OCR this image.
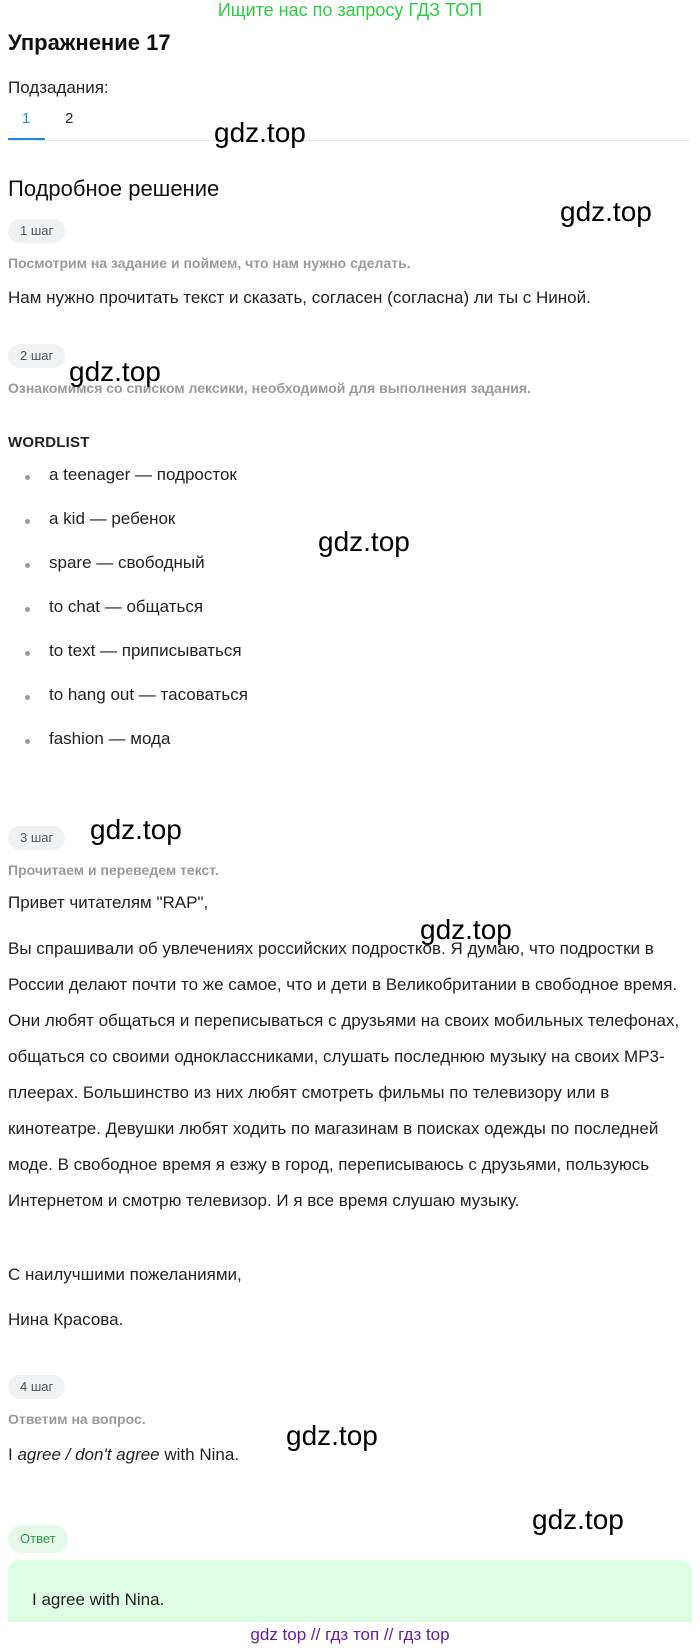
Ищите нас по запросу ГДЗ ТОП
Упражнение 17
Подзадания:
1 2
Подробное решение
1 шаг
Посмотрим на задание и поймем, что нам нужно сделать.
Нам нужно прочитать текст и сказать, согласен (согласна) ли ты с Ниной.
2 шаг
Ознакомимся со списком лексики, необходимой для выполнения задания.
WORDLIST
a teenager — подросток
a kid — ребенок
spare — свободный
to chat — общаться
to text — приписываться
to hang out — тасоваться
fashion — мода
3 шаг
Прочитаем и переведем текст.
Привет читателям "RAP",
Вы спрашивали об увлечениях российских подростков. Я думаю, что подростки в России делают почти то же самое, что и дети в Великобритании в свободное время. Они любят общаться и переписываться с друзьями на своих мобильных телефонах, общаться со своими одноклассниками, слушать последнюю музыку на своих MP3-плеерах. Большинство из них любят смотреть фильмы по телевизору или в кинотеатре. Девушки любят ходить по магазинам в поисках одежды по последней моде. В свободное время я езжу в город, переписываюсь с друзьями, пользуюсь Интернетом и смотрю телевизор. И я все время слушаю музыку.
С наилучшими пожеланиями,
Нина Красова.
4 шаг
Ответим на вопрос.
I agree / don't agree with Nina.
Ответ
I agree with Nina.
gdz.top
gdz.top
gdz.top
gdz.top
gdz.top
gdz.top
gdz.top
gdz.top
gdz top // гдз топ // гдз top
